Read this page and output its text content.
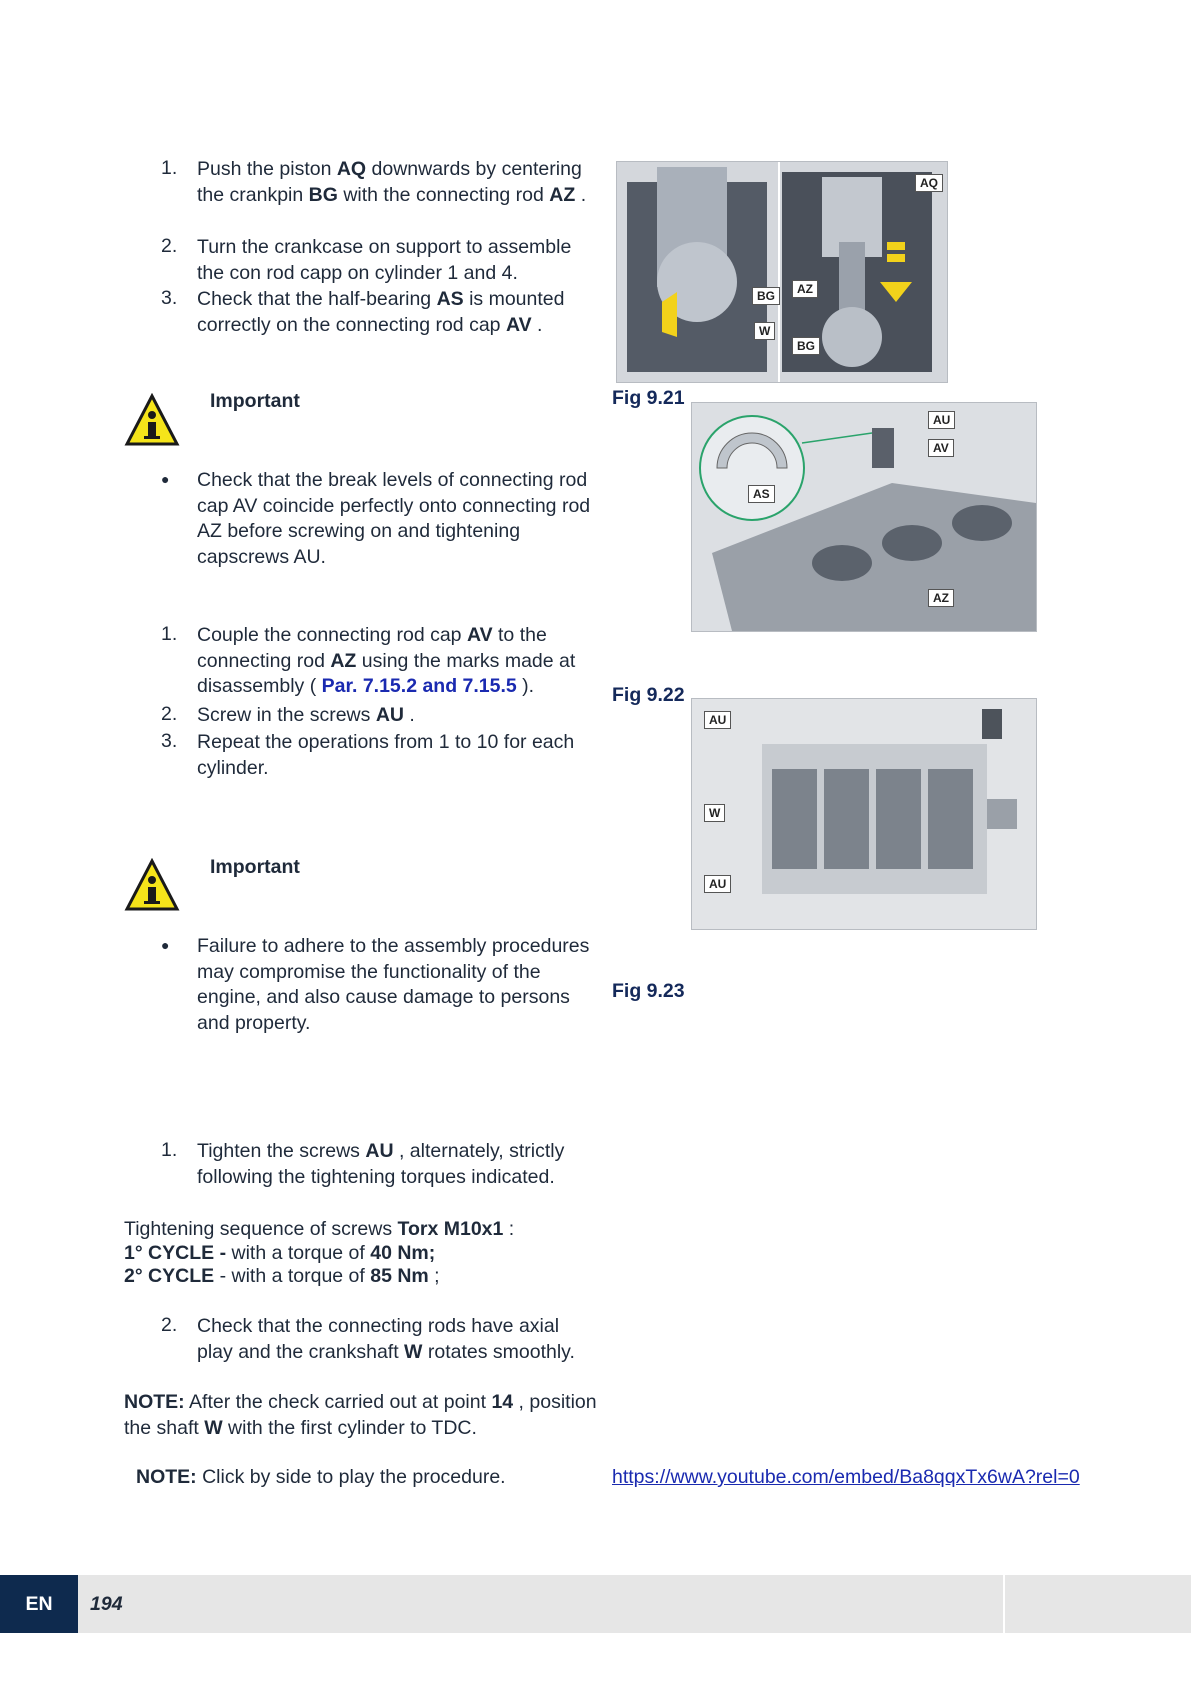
1. Push the piston AQ downwards by centering the crankpin BG with the connecting rod AZ .
2. Turn the crankcase on support to assemble the con rod capp on cylinder 1 and 4.
3. Check that the half-bearing AS is mounted correctly on the connecting rod cap AV .
Important
● Check that the break levels of connecting rod cap AV coincide perfectly onto connecting rod AZ before screwing on and tightening capscrews AU.
1. Couple the connecting rod cap AV to the connecting rod AZ using the marks made at disassembly ( Par. 7.15.2 and 7.15.5 ).
2. Screw in the screws AU .
3. Repeat the operations from 1 to 10 for each cylinder.
Important
● Failure to adhere to the assembly procedures may compromise the functionality of the engine, and also cause damage to persons and property.
1. Tighten the screws AU , alternately, strictly following the tightening torques indicated.
Tightening sequence of screws Torx M10x1 :
1° CYCLE - with a torque of 40 Nm;
2° CYCLE - with a torque of 85 Nm ;
2. Check that the connecting rods have axial play and the crankshaft W rotates smoothly.
NOTE: After the check carried out at point 14 , position the shaft W with the first cylinder to TDC.
NOTE: Click by side to play the procedure.	https://www.youtube.com/embed/Ba8qqxTx6wA?rel=0
AQ
BG	AZ
W
BG
Fig 9.21
AU
AV
AS
AZ
Fig 9.22
AU
W
AU
Fig 9.23
EN	194
